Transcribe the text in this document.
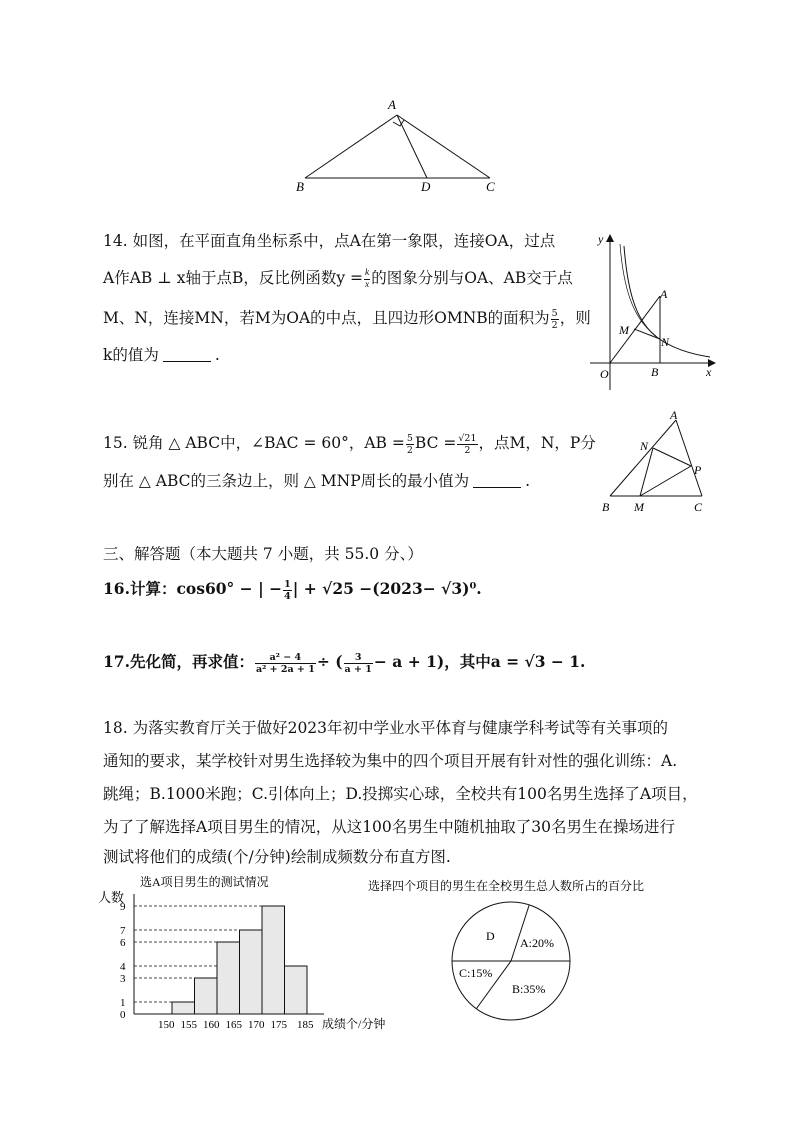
A
B	D	C
14. 如图，在平面直角坐标系中，点A在第一象限，连接OA，过点
A作AB ⊥ x轴于点B，反比例函数$y = \frac{k}{x}$ 的图象分别与OA、AB交于点
M、N，连接MN，若M为OA的中点，且四边形OMNB的面积为 $\frac{5}{2}$ ，则
k的值为	.
y
x
O	B
A
M
N
15. 锐角 △ ABC中，∠BAC = 60°，AB = $\frac{5}{2}$ BC = $\frac{√21}{2}$ ，点M，N，P分
别在 △ ABC的三条边上，则 △ MNP周长的最小值为	.
A
N
P
B M	C
三、解答题（本大题共 7 小题，共 55.0 分、）
16.计算：cos60° − | − $\frac{1}{4}$ | + √25 −(2023− √3)⁰.
17.先化简，再求值： $\frac{\text{a² − 4}}{\text{a² + 2a + 1}}$ ÷ ( $\frac{3}{a + 1} - a + 1$)，其中a = √3 − 1.
18. 为落实教育厅关于做好2023年初中学业水平体育与健康学科考试等有关事项的
通知的要求，某学校针对男生选择较为集中的四个项目开展有针对性的强化训练：A.
跳绳；B.1000米跑；C.引体向上；D.投掷实心球，全校共有100名男生选择了A项目，
为了了解选择A项目男生的情况，从这100名男生中随机抽取了30名男生在操场进行
测试将他们的成绩(个/分钟)绘制成频数分布直方图.
选A项目男生的测试情况
人数
0
1
3
4
6
7
9
150 155 160 165 170 175 185 成绩个/分钟
选择四个项目的男生在全校男生总人数所占的百分比
A:20%
B:35%
C:15%
D
